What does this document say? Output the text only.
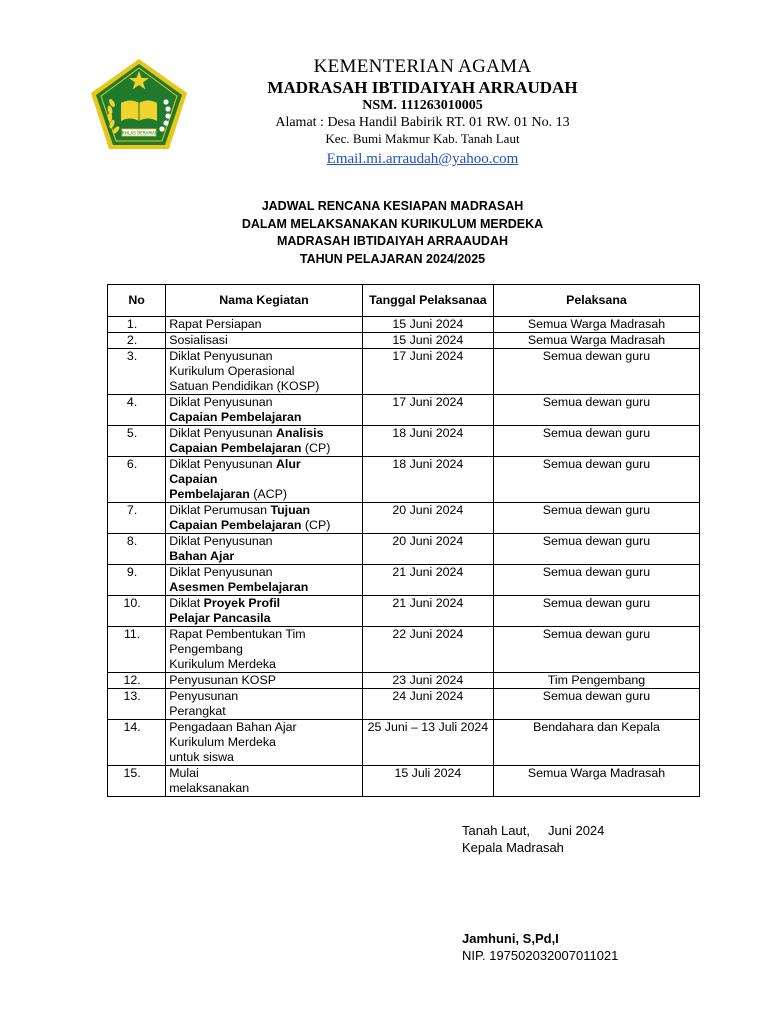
IKHLAS BERAMAL
KEMENTERIAN AGAMA
MADRASAH IBTIDAIYAH ARRAUDAH
NSM. 111263010005
Alamat : Desa Handil Babirik RT. 01 RW. 01 No. 13
Kec. Bumi Makmur Kab. Tanah Laut
Email.mi.arraudah@yahoo.com
JADWAL RENCANA KESIAPAN MADRASAH
DALAM MELAKSANAKAN KURIKULUM MERDEKA
MADRASAH IBTIDAIYAH ARRAAUDAH
TAHUN PELAJARAN 2024/2025
No	Nama Kegiatan	Tanggal Pelaksanaa	Pelaksana
1.	Rapat Persiapan	15 Juni 2024	Semua Warga Madrasah
2.	Sosialisasi	15 Juni 2024	Semua Warga Madrasah
3.	Diklat Penyusunan
Kurikulum Operasional
Satuan Pendidikan (KOSP)	17 Juni 2024	Semua dewan guru
4.	Diklat Penyusunan
Capaian Pembelajaran	17 Juni 2024	Semua dewan guru
5.	Diklat Penyusunan Analisis
Capaian Pembelajaran (CP)	18 Juni 2024	Semua dewan guru
6.	Diklat Penyusunan Alur
Capaian
Pembelajaran (ACP)	18 Juni 2024	Semua dewan guru
7.	Diklat Perumusan Tujuan
Capaian Pembelajaran (CP)	20 Juni 2024	Semua dewan guru
8.	Diklat Penyusunan
Bahan Ajar	20 Juni 2024	Semua dewan guru
9.	Diklat Penyusunan
Asesmen Pembelajaran	21 Juni 2024	Semua dewan guru
10.	Diklat Proyek Profil
Pelajar Pancasila	21 Juni 2024	Semua dewan guru
11.	Rapat Pembentukan Tim
Pengembang
Kurikulum Merdeka	22 Juni 2024	Semua dewan guru
12.	Penyusunan KOSP	23 Juni 2024	Tim Pengembang
13.	Penyusunan
Perangkat	24 Juni 2024	Semua dewan guru
14.	Pengadaan Bahan Ajar
Kurikulum Merdeka
untuk siswa	25 Juni – 13 Juli 2024	Bendahara dan Kepala
15.	Mulai
melaksanakan	15 Juli 2024	Semua Warga Madrasah
Tanah Laut,     Juni 2024
Kepala Madrasah
Jamhuni, S,Pd,I
NIP. 197502032007011021
